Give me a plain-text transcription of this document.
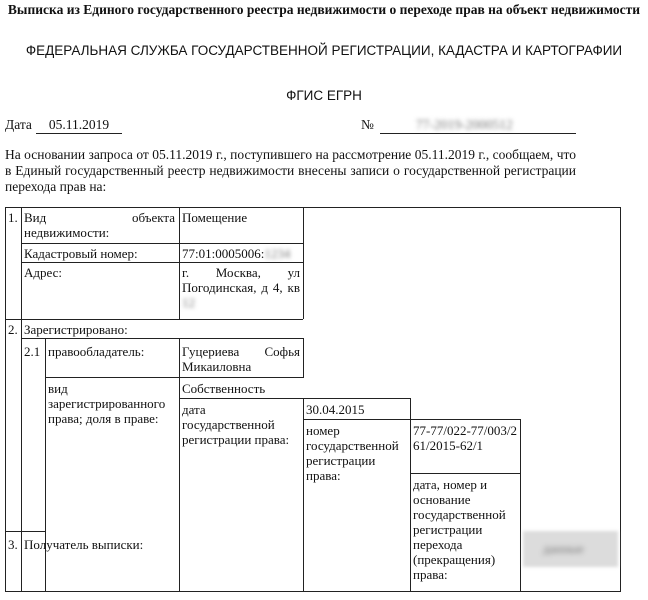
Выписка из Единого государственного реестра недвижимости о переходе прав на объект недвижимости
ФЕДЕРАЛЬНАЯ СЛУЖБА ГОСУДАРСТВЕННОЙ РЕГИСТРАЦИИ, КАДАСТРА И КАРТОГРАФИИ
ФГИС ЕГРН
Дата	05.11.2019	№	77-2019-2000512
На основании запроса от 05.11.2019 г., поступившего на рассмотрение 05.11.2019 г., сообщаем, что в Единый государственный реестр недвижимости внесены записи о государственной регистрации перехода прав на:
1. Вид объекта недвижимости:
Помещение
Кадастровый номер:	77:01:0005006:1234
Адрес:	г. Москва, ул Погодинская, д 4, кв 12
2. Зарегистрировано:
2.1 правообладатель:	Гуцериева Софья Микаиловна
вид зарегистрированного права; доля в праве:
Собственность
дата государственной регистрации права:
30.04.2015
номер государственной регистрации права:
77-77/022-77/003/261/2015-62/1
дата, номер и основание государственной регистрации перехода (прекращения) права:
данные
3. Получатель выписки:
